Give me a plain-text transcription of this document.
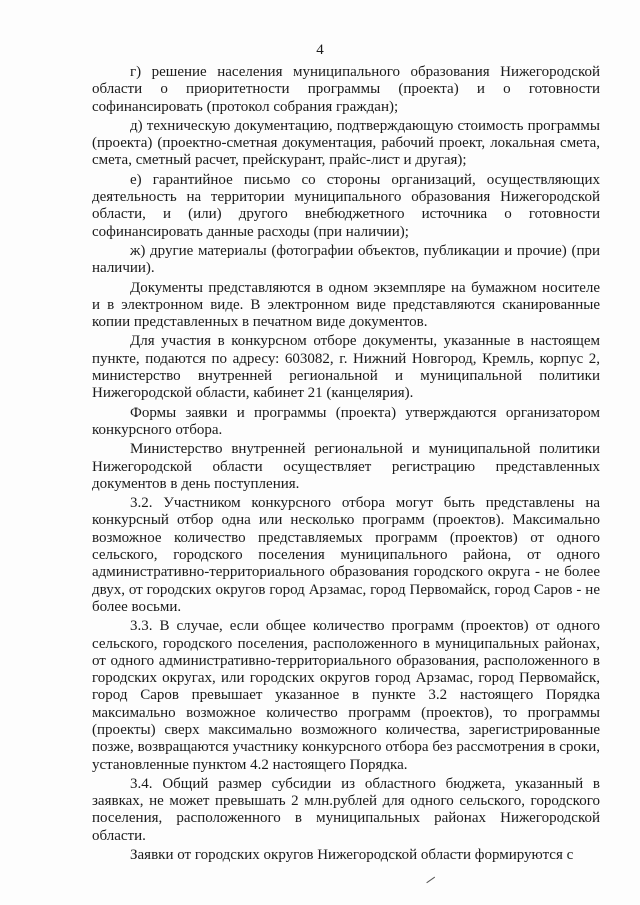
4

г) решение населения муниципального образования Нижегородской области о приоритетности программы (проекта) и о готовности софинансировать (протокол собрания граждан);

д) техническую документацию, подтверждающую стоимость программы (проекта) (проектно-сметная документация, рабочий проект, локальная смета, смета, сметный расчет, прейскурант, прайс-лист и другая);

е) гарантийное письмо со стороны организаций, осуществляющих деятельность на территории муниципального образования Нижегородской области, и (или) другого внебюджетного источника о готовности софинансировать данные расходы (при наличии);

ж) другие материалы (фотографии объектов, публикации и прочие) (при наличии).

Документы представляются в одном экземпляре на бумажном носителе и в электронном виде. В электронном виде представляются сканированные копии представленных в печатном виде документов.

Для участия в конкурсном отборе документы, указанные в настоящем пункте, подаются по адресу: 603082, г. Нижний Новгород, Кремль, корпус 2, министерство внутренней региональной и муниципальной политики Нижегородской области, кабинет 21 (канцелярия).

Формы заявки и программы (проекта) утверждаются организатором конкурсного отбора.

Министерство внутренней региональной и муниципальной политики Нижегородской области осуществляет регистрацию представленных документов в день поступления.

3.2. Участником конкурсного отбора могут быть представлены на конкурсный отбор одна или несколько программ (проектов). Максимально возможное количество представляемых программ (проектов) от одного сельского, городского поселения муниципального района, от одного административно-территориального образования городского округа - не более двух, от городских округов город Арзамас, город Первомайск, город Саров - не более восьми.

3.3. В случае, если общее количество программ (проектов) от одного сельского, городского поселения, расположенного в муниципальных районах, от одного административно-территориального образования, расположенного в городских округах, или городских округов город Арзамас, город Первомайск, город Саров превышает указанное в пункте 3.2 настоящего Порядка максимально возможное количество программ (проектов), то программы (проекты) сверх максимально возможного количества, зарегистрированные позже, возвращаются участнику конкурсного отбора без рассмотрения в сроки, установленные пунктом 4.2 настоящего Порядка.

3.4. Общий размер субсидии из областного бюджета, указанный в заявках, не может превышать 2 млн.рублей для одного сельского, городского поселения, расположенного в муниципальных районах Нижегородской области.

Заявки от городских округов Нижегородской области формируются с
